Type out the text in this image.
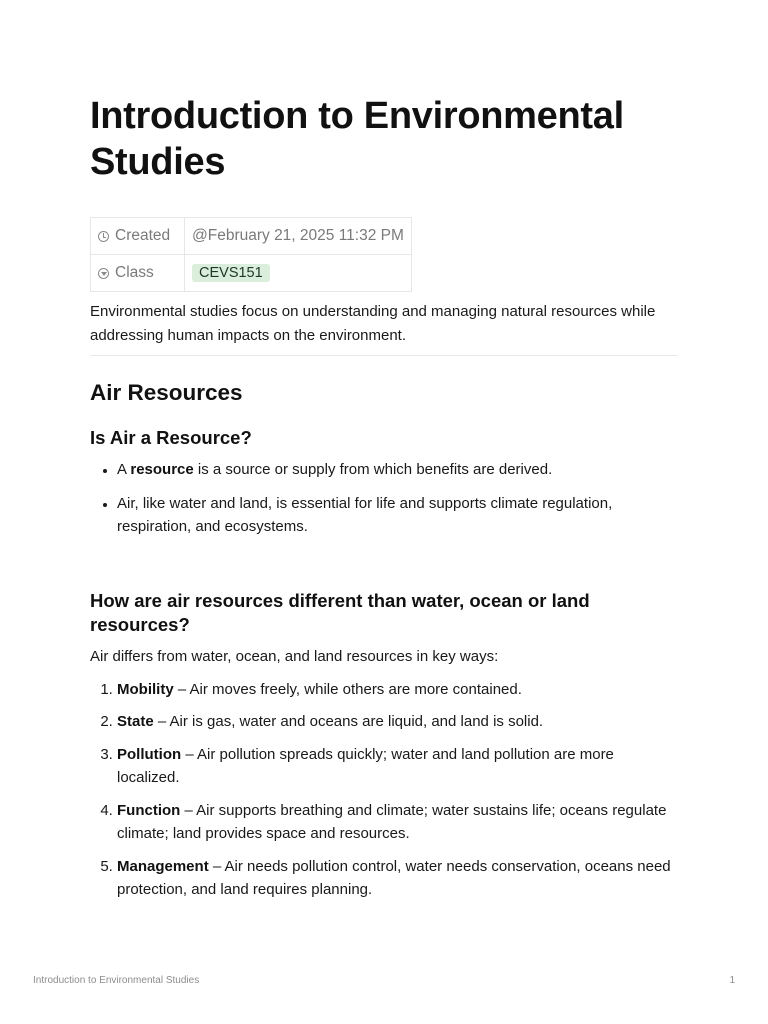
Introduction to Environmental Studies
Created	@February 21, 2025 11:32 PM
Class	CEVS151

Environmental studies focus on understanding and managing natural resources while addressing human impacts on the environment.

Air Resources
Is Air a Resource?
• A resource is a source or supply from which benefits are derived.
• Air, like water and land, is essential for life and supports climate regulation, respiration, and ecosystems.
How are air resources different than water, ocean or land resources?

Air differs from water, ocean, and land resources in key ways:

1. Mobility – Air moves freely, while others are more contained.
2. State – Air is gas, water and oceans are liquid, and land is solid.
3. Pollution – Air pollution spreads quickly; water and land pollution are more localized.
4. Function – Air supports breathing and climate; water sustains life; oceans regulate climate; land provides space and resources.
5. Management – Air needs pollution control, water needs conservation, oceans need protection, and land requires planning.
Introduction to Environmental Studies	1
